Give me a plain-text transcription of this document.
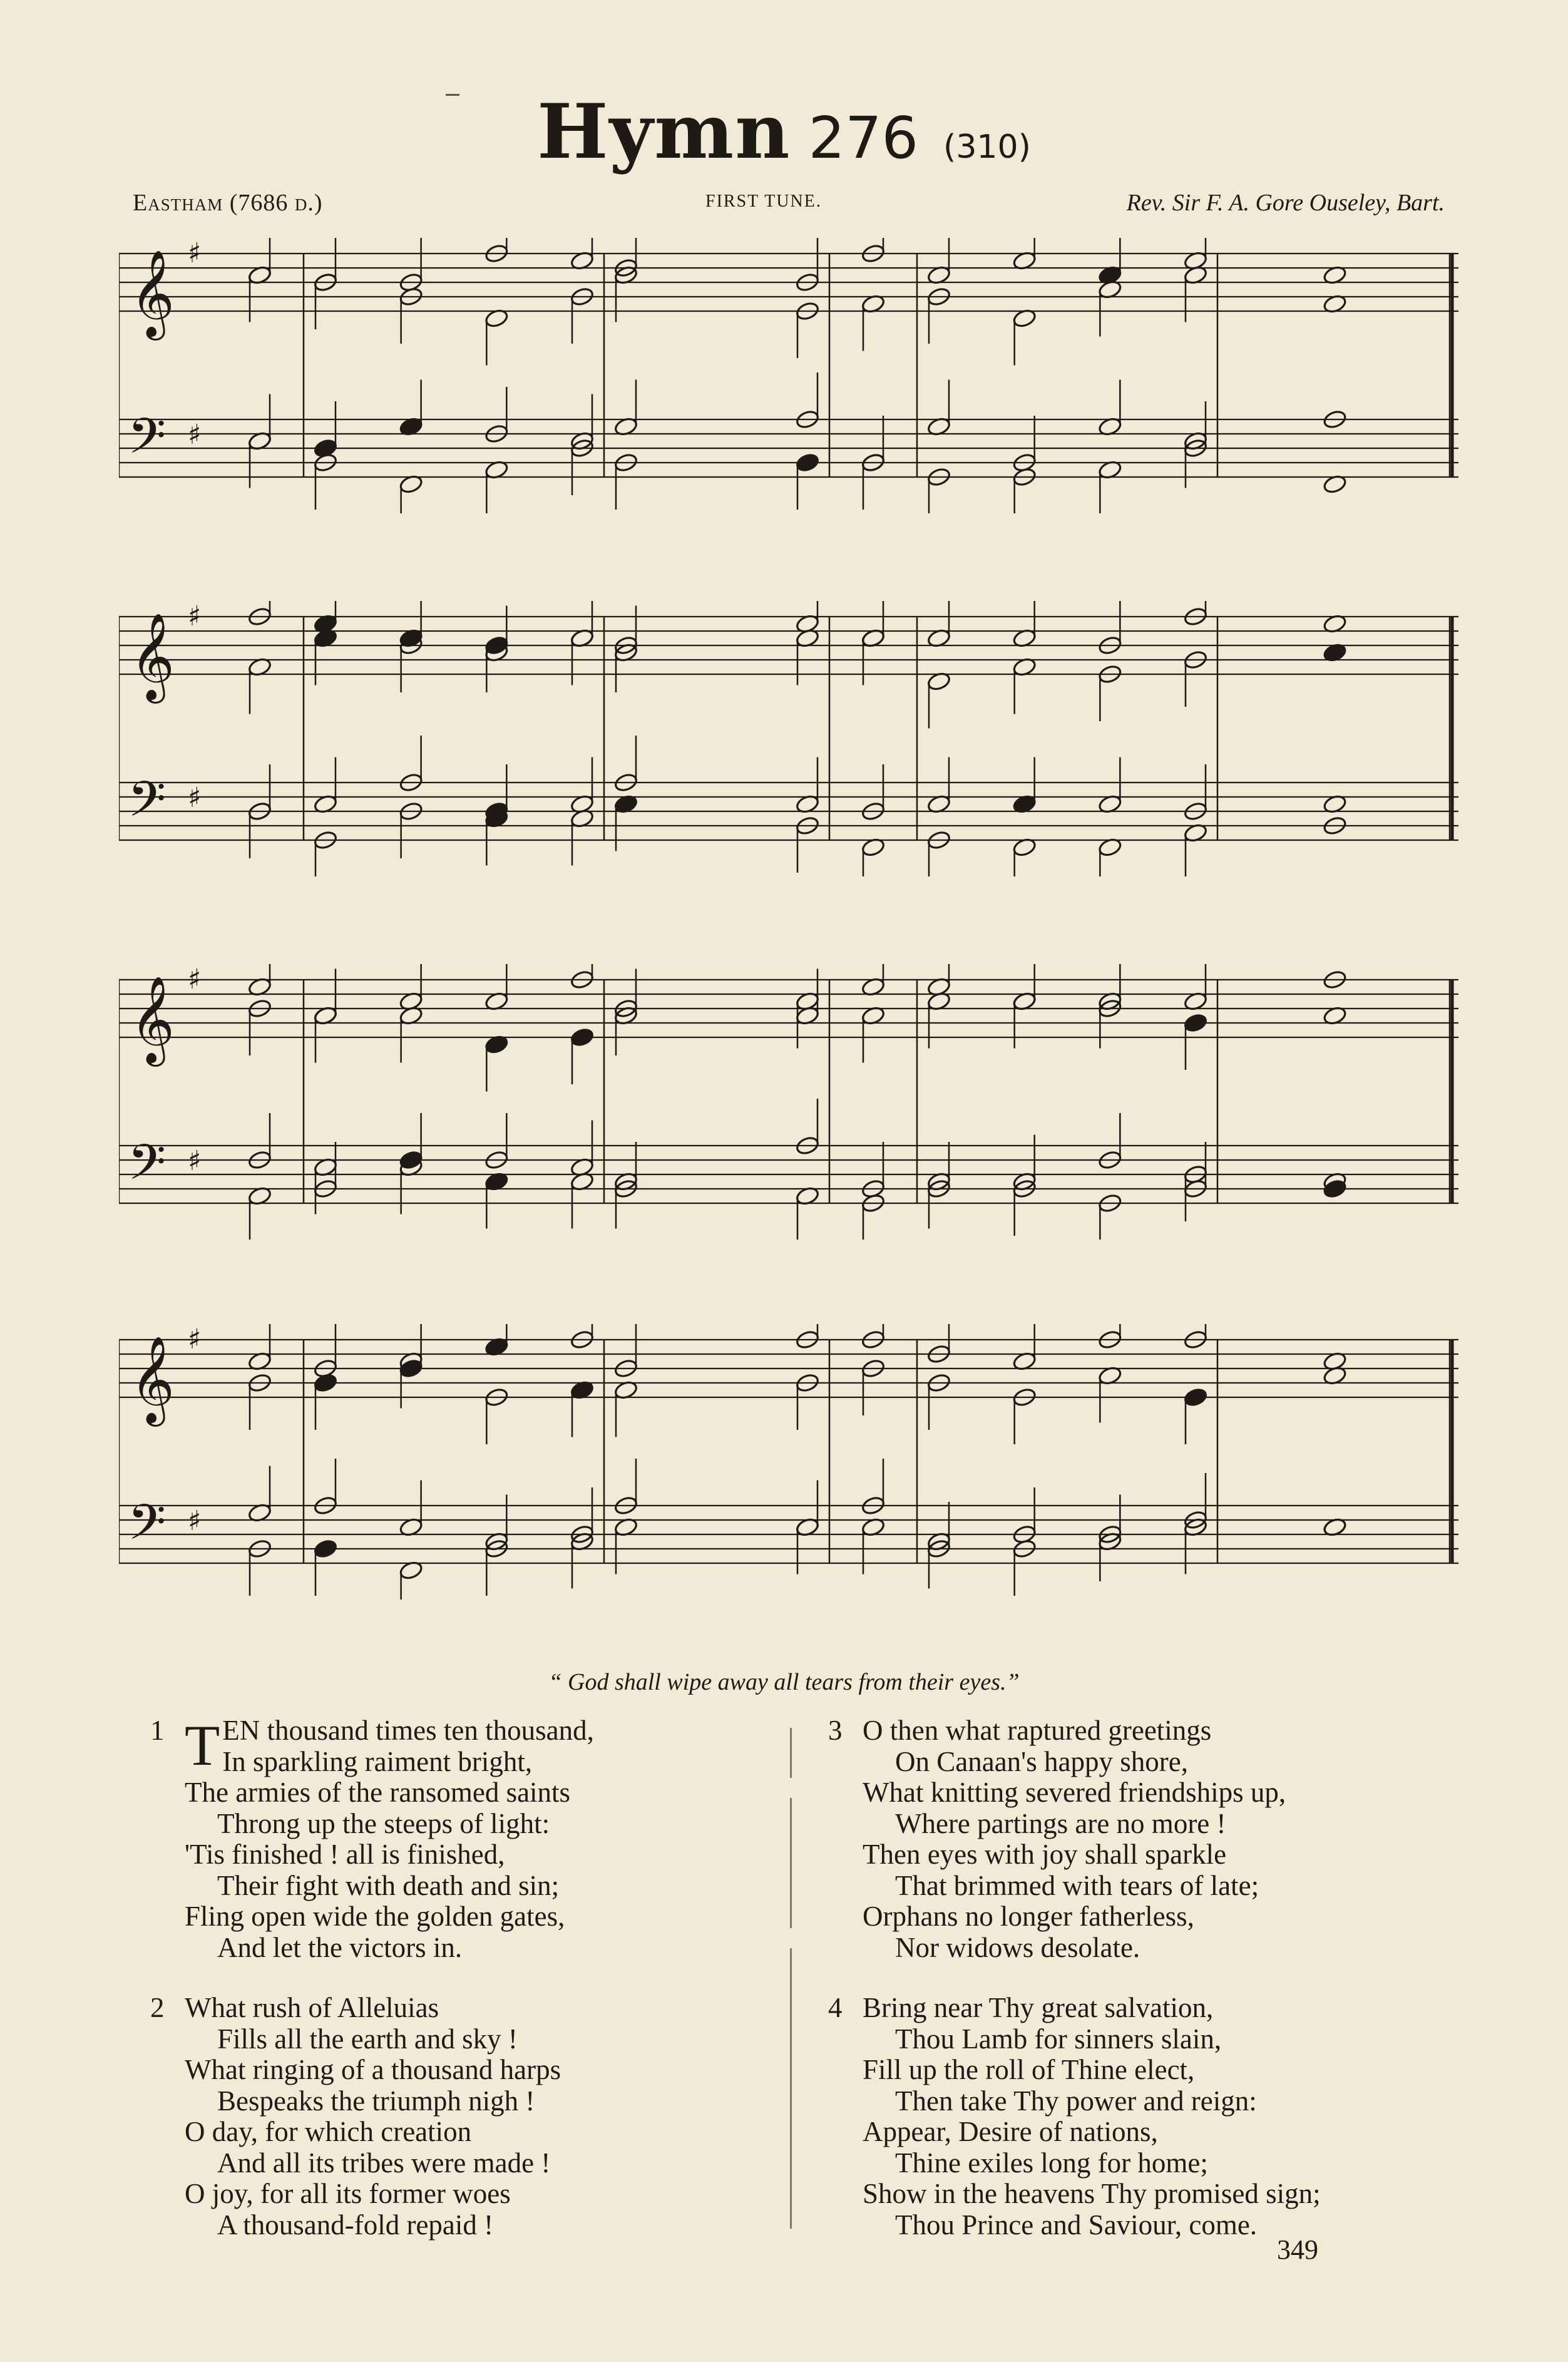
Hymn 276 (310)
Eastham (7686 d.)	FIRST TUNE.	Rev. Sir F. A. Gore Ouseley, Bart.
𝄞
𝄢
♯
♯
𝄞
𝄢
♯
♯
𝄞
𝄢
♯
♯
𝄞
𝄢
♯
♯
“ God shall wipe away all tears from their eyes.”
1 T EN thousand times ten thousand,
In sparkling raiment bright,
The armies of the ransomed saints
Throng up the steeps of light:
'Tis finished ! all is finished,
Their fight with death and sin;
Fling open wide the golden gates,
And let the victors in.
2 What rush of Alleluias
Fills all the earth and sky !
What ringing of a thousand harps
Bespeaks the triumph nigh !
O day, for which creation
And all its tribes were made !
O joy, for all its former woes
A thousand-fold repaid !
3 O then what raptured greetings
On Canaan's happy shore,
What knitting severed friendships up,
Where partings are no more !
Then eyes with joy shall sparkle
That brimmed with tears of late;
Orphans no longer fatherless,
Nor widows desolate.
4 Bring near Thy great salvation,
Thou Lamb for sinners slain,
Fill up the roll of Thine elect,
Then take Thy power and reign:
Appear, Desire of nations,
Thine exiles long for home;
Show in the heavens Thy promised sign;
Thou Prince and Saviour, come.
349
